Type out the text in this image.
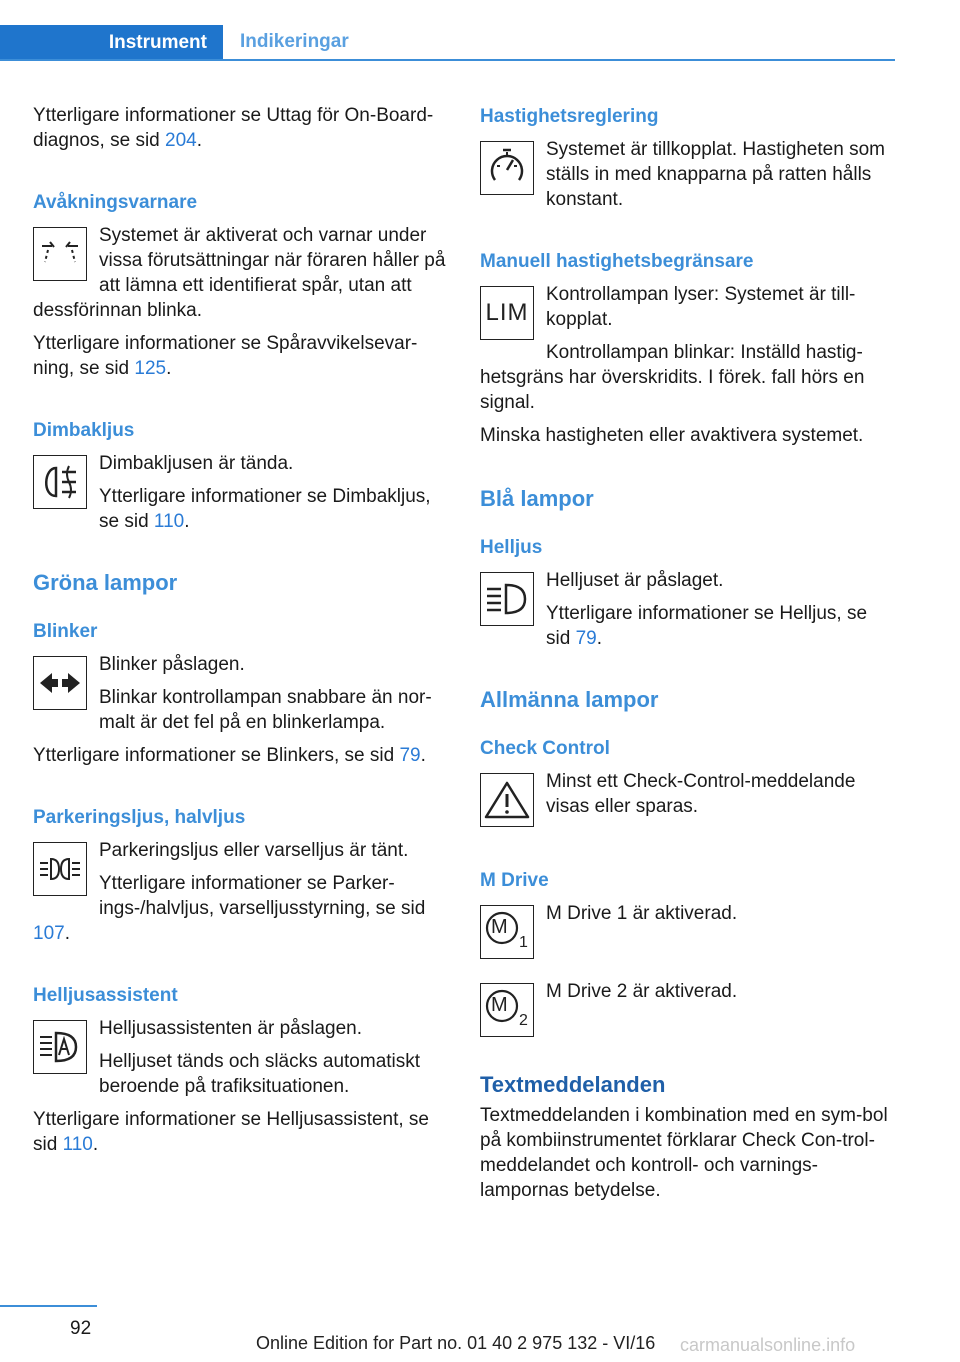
Instrument	Indikeringar

Ytterligare informationer se Uttag för On-Board-diagnos, se sid 204.

Avåkningsvarnare

Systemet är aktiverat och varnar under vissa förutsättningar när föraren håller på att lämna ett identifierat spår, utan att dessförinnan blinka.

Ytterligare informationer se Spåravvikelsevar-ning, se sid 125.

Dimbakljus

Dimbakljusen är tända.

Ytterligare informationer se Dimbakljus, se sid 110.

Gröna lampor
Blinker

Blinker påslagen.

Blinkar kontrollampan snabbare än nor-malt är det fel på en blinkerlampa.

Ytterligare informationer se Blinkers, se sid 79.

Parkeringsljus, halvljus

Parkeringsljus eller varselljus är tänt.

Ytterligare informationer se Parker-ings-/halvljus, varselljusstyrning, se sid 107.

Helljusassistent

Helljusassistenten är påslagen.

Helljuset tänds och släcks automatiskt beroende på trafiksituationen.

Ytterligare informationer se Helljusassistent, se sid 110.

Hastighetsreglering

Systemet är tillkopplat. Hastigheten som ställs in med knapparna på ratten hålls konstant.

Manuell hastighetsbegränsare
LIM

Kontrollampan lyser: Systemet är till-kopplat.

Kontrollampan blinkar: Inställd hastig-hetsgräns har överskridits. I förek. fall hörs en signal.

Minska hastigheten eller avaktivera systemet.

Blå lampor
Helljus

Helljuset är påslaget.

Ytterligare informationer se Helljus, se sid 79.

Allmänna lampor
Check Control

Minst ett Check-Control-meddelande visas eller sparas.

M Drive
M
1

M Drive 1 är aktiverad.

M
2

M Drive 2 är aktiverad.

Textmeddelanden

Textmeddelanden i kombination med en sym-bol på kombiinstrumentet förklarar Check Con-trol-meddelandet och kontroll- och varnings-lampornas betydelse.

92
Online Edition for Part no. 01 40 2 975 132 - VI/16 carmanualsonline.info
